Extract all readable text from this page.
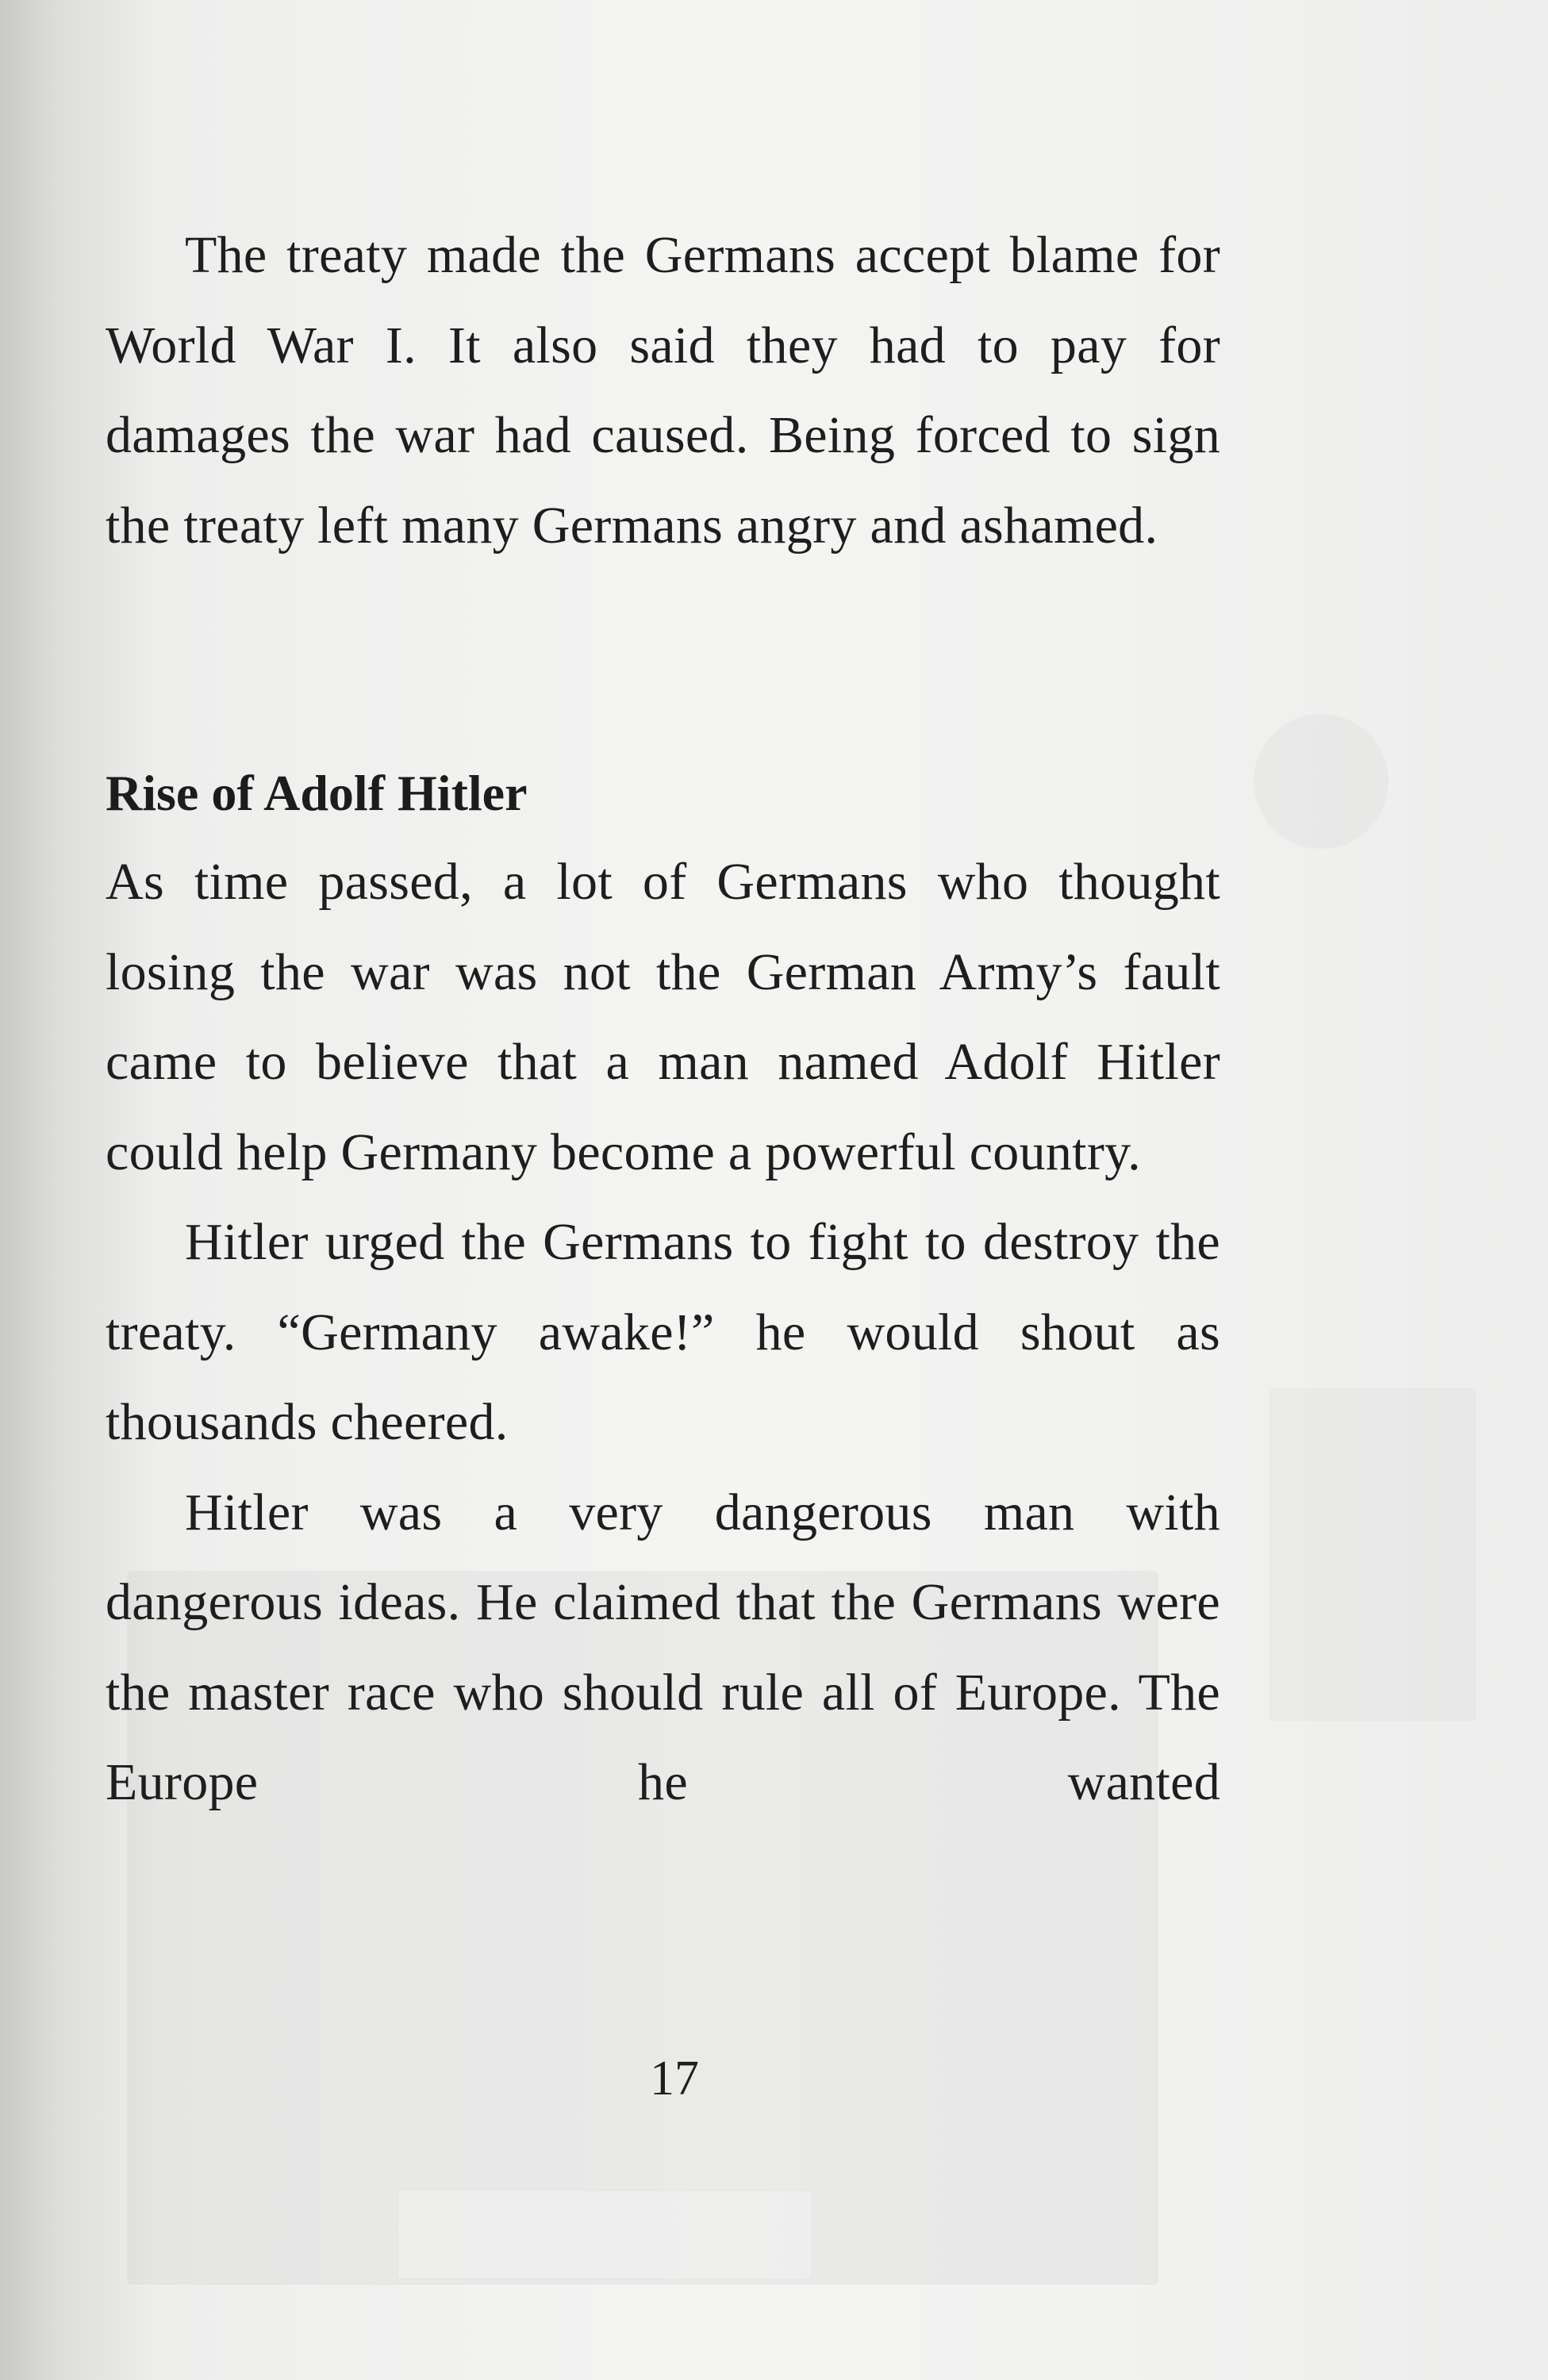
The treaty made the Germans accept blame for World War I. It also said they had to pay for damages the war had caused. Being forced to sign the treaty left many Germans angry and ashamed.

Rise of Adolf Hitler

As time passed, a lot of Germans who thought losing the war was not the German Army’s fault came to believe that a man named Adolf Hitler could help Germany become a powerful country.

Hitler urged the Germans to fight to destroy the treaty. “Germany awake!” he would shout as thousands cheered.

Hitler was a very dangerous man with dangerous ideas. He claimed that the Germans were the master race who should rule all of Europe. The Europe he wanted

17
